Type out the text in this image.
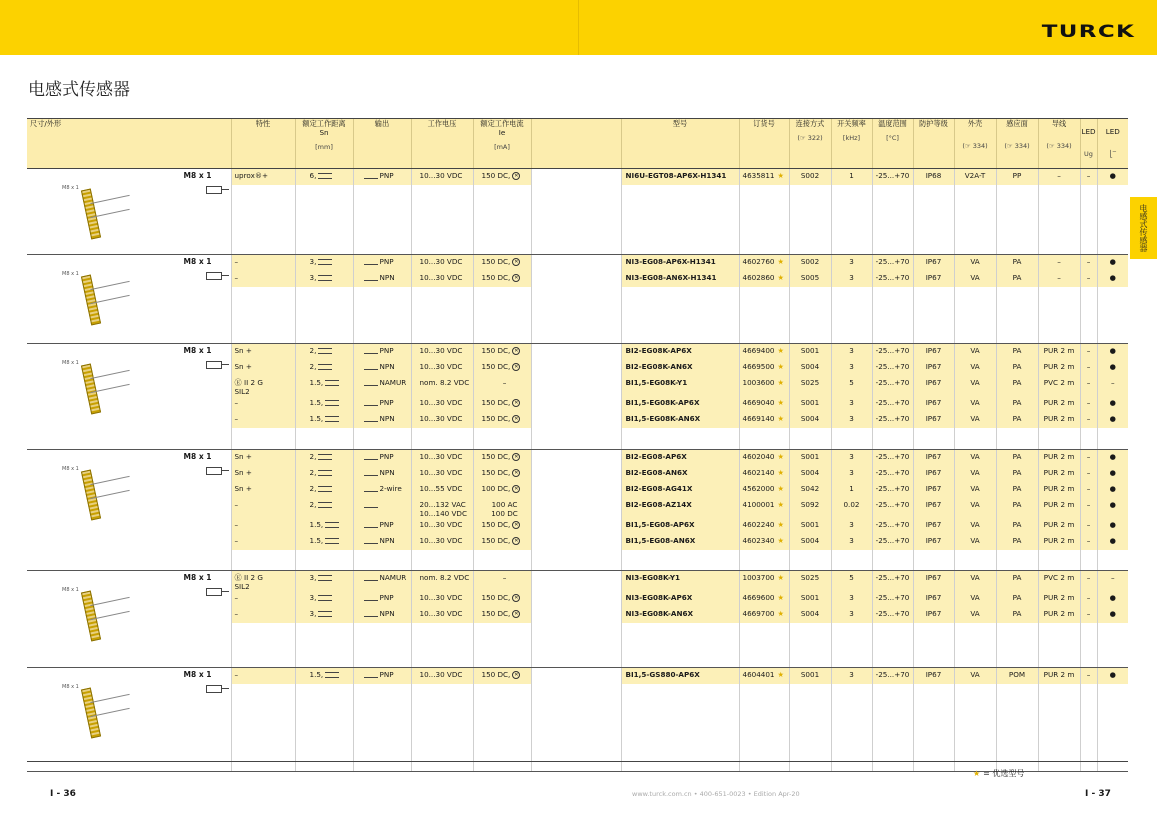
TURCK
电感式传感器
电感式传感器
尺寸/外形	特性	额定工作距离Sn
[mm]	输出	工作电压	额定工作电流 Ie
[mA]		型号	订货号	连接方式
(☞ 322)	开关频率
[kHz]	温度范围
[°C]	防护等级	外壳
(☞ 334)	感应面
(☞ 334)	导线
(☞ 334)	LED
Ug	LED
⎣‾

M8 x 1
M8 x 1	uprox®+	6,	PNP	10...30 VDC	150 DC, ✕		NI6U-EGT08-AP6X-H1341	4635811 ★	S002	1	-25...+70	IP68	V2A-T	PP	–	–	●

M8 x 1
M8 x 1	–	3,	PNP	10...30 VDC	150 DC, ✕		NI3-EG08-AP6X-H1341	4602760 ★	S002	3	-25...+70	IP67	VA	PA	–	–	●
	–	3,	NPN	10...30 VDC	150 DC, ✕		NI3-EG08-AN6X-H1341	4602860 ★	S005	3	-25...+70	IP67	VA	PA	–	–	●

M8 x 1
M8 x 1	Sn +	2,	PNP	10...30 VDC	150 DC, ✕		BI2-EG08K-AP6X	4669400 ★	S001	3	-25...+70	IP67	VA	PA	PUR 2 m	–	●
	Sn +	2,	NPN	10...30 VDC	150 DC, ✕		BI2-EG08K-AN6X	4669500 ★	S004	3	-25...+70	IP67	VA	PA	PUR 2 m	–	●
	Ⓔ II 2 G
SIL2	1.5,	NAMUR	nom. 8.2 VDC	–		BI1,5-EG08K-Y1	1003600 ★	S025	5	-25...+70	IP67	VA	PA	PVC 2 m	–	–
	–	1.5,	PNP	10...30 VDC	150 DC, ✕		BI1,5-EG08K-AP6X	4669040 ★	S001	3	-25...+70	IP67	VA	PA	PUR 2 m	–	●
	–	1.5,	NPN	10...30 VDC	150 DC, ✕		BI1,5-EG08K-AN6X	4669140 ★	S004	3	-25...+70	IP67	VA	PA	PUR 2 m	–	●

M8 x 1
M8 x 1	Sn +	2,	PNP	10...30 VDC	150 DC, ✕		BI2-EG08-AP6X	4602040 ★	S001	3	-25...+70	IP67	VA	PA	PUR 2 m	–	●
	Sn +	2,	NPN	10...30 VDC	150 DC, ✕		BI2-EG08-AN6X	4602140 ★	S004	3	-25...+70	IP67	VA	PA	PUR 2 m	–	●
	Sn +	2,	2-wire	10...55 VDC	100 DC, ✕		BI2-EG08-AG41X	4562000 ★	S042	1	-25...+70	IP67	VA	PA	PUR 2 m	–	●
	–	2,		20...132 VAC
10...140 VDC	100 AC
100 DC		BI2-EG08-AZ14X	4100001 ★	S092	0.02	-25...+70	IP67	VA	PA	PUR 2 m	–	●
	–	1.5,	PNP	10...30 VDC	150 DC, ✕		BI1,5-EG08-AP6X	4602240 ★	S001	3	-25...+70	IP67	VA	PA	PUR 2 m	–	●
	–	1.5,	NPN	10...30 VDC	150 DC, ✕		BI1,5-EG08-AN6X	4602340 ★	S004	3	-25...+70	IP67	VA	PA	PUR 2 m	–	●

M8 x 1
M8 x 1	Ⓔ II 2 G
SIL2	3,	NAMUR	nom. 8.2 VDC	–		NI3-EG08K-Y1	1003700 ★	S025	5	-25...+70	IP67	VA	PA	PVC 2 m	–	–
	–	3,	PNP	10...30 VDC	150 DC, ✕		NI3-EG08K-AP6X	4669600 ★	S001	3	-25...+70	IP67	VA	PA	PUR 2 m	–	●
	–	3,	NPN	10...30 VDC	150 DC, ✕		NI3-EG08K-AN6X	4669700 ★	S004	3	-25...+70	IP67	VA	PA	PUR 2 m	–	●

M8 x 1
M8 x 1	–	1.5,	PNP	10...30 VDC	150 DC, ✕		BI1,5-GS880-AP6X	4604401 ★	S001	3	-25...+70	IP67	VA	POM	PUR 2 m	–	●

★ = 优选型号
I - 36	www.turck.com.cn • 400-651-0023 • Edition Apr-20	I - 37
